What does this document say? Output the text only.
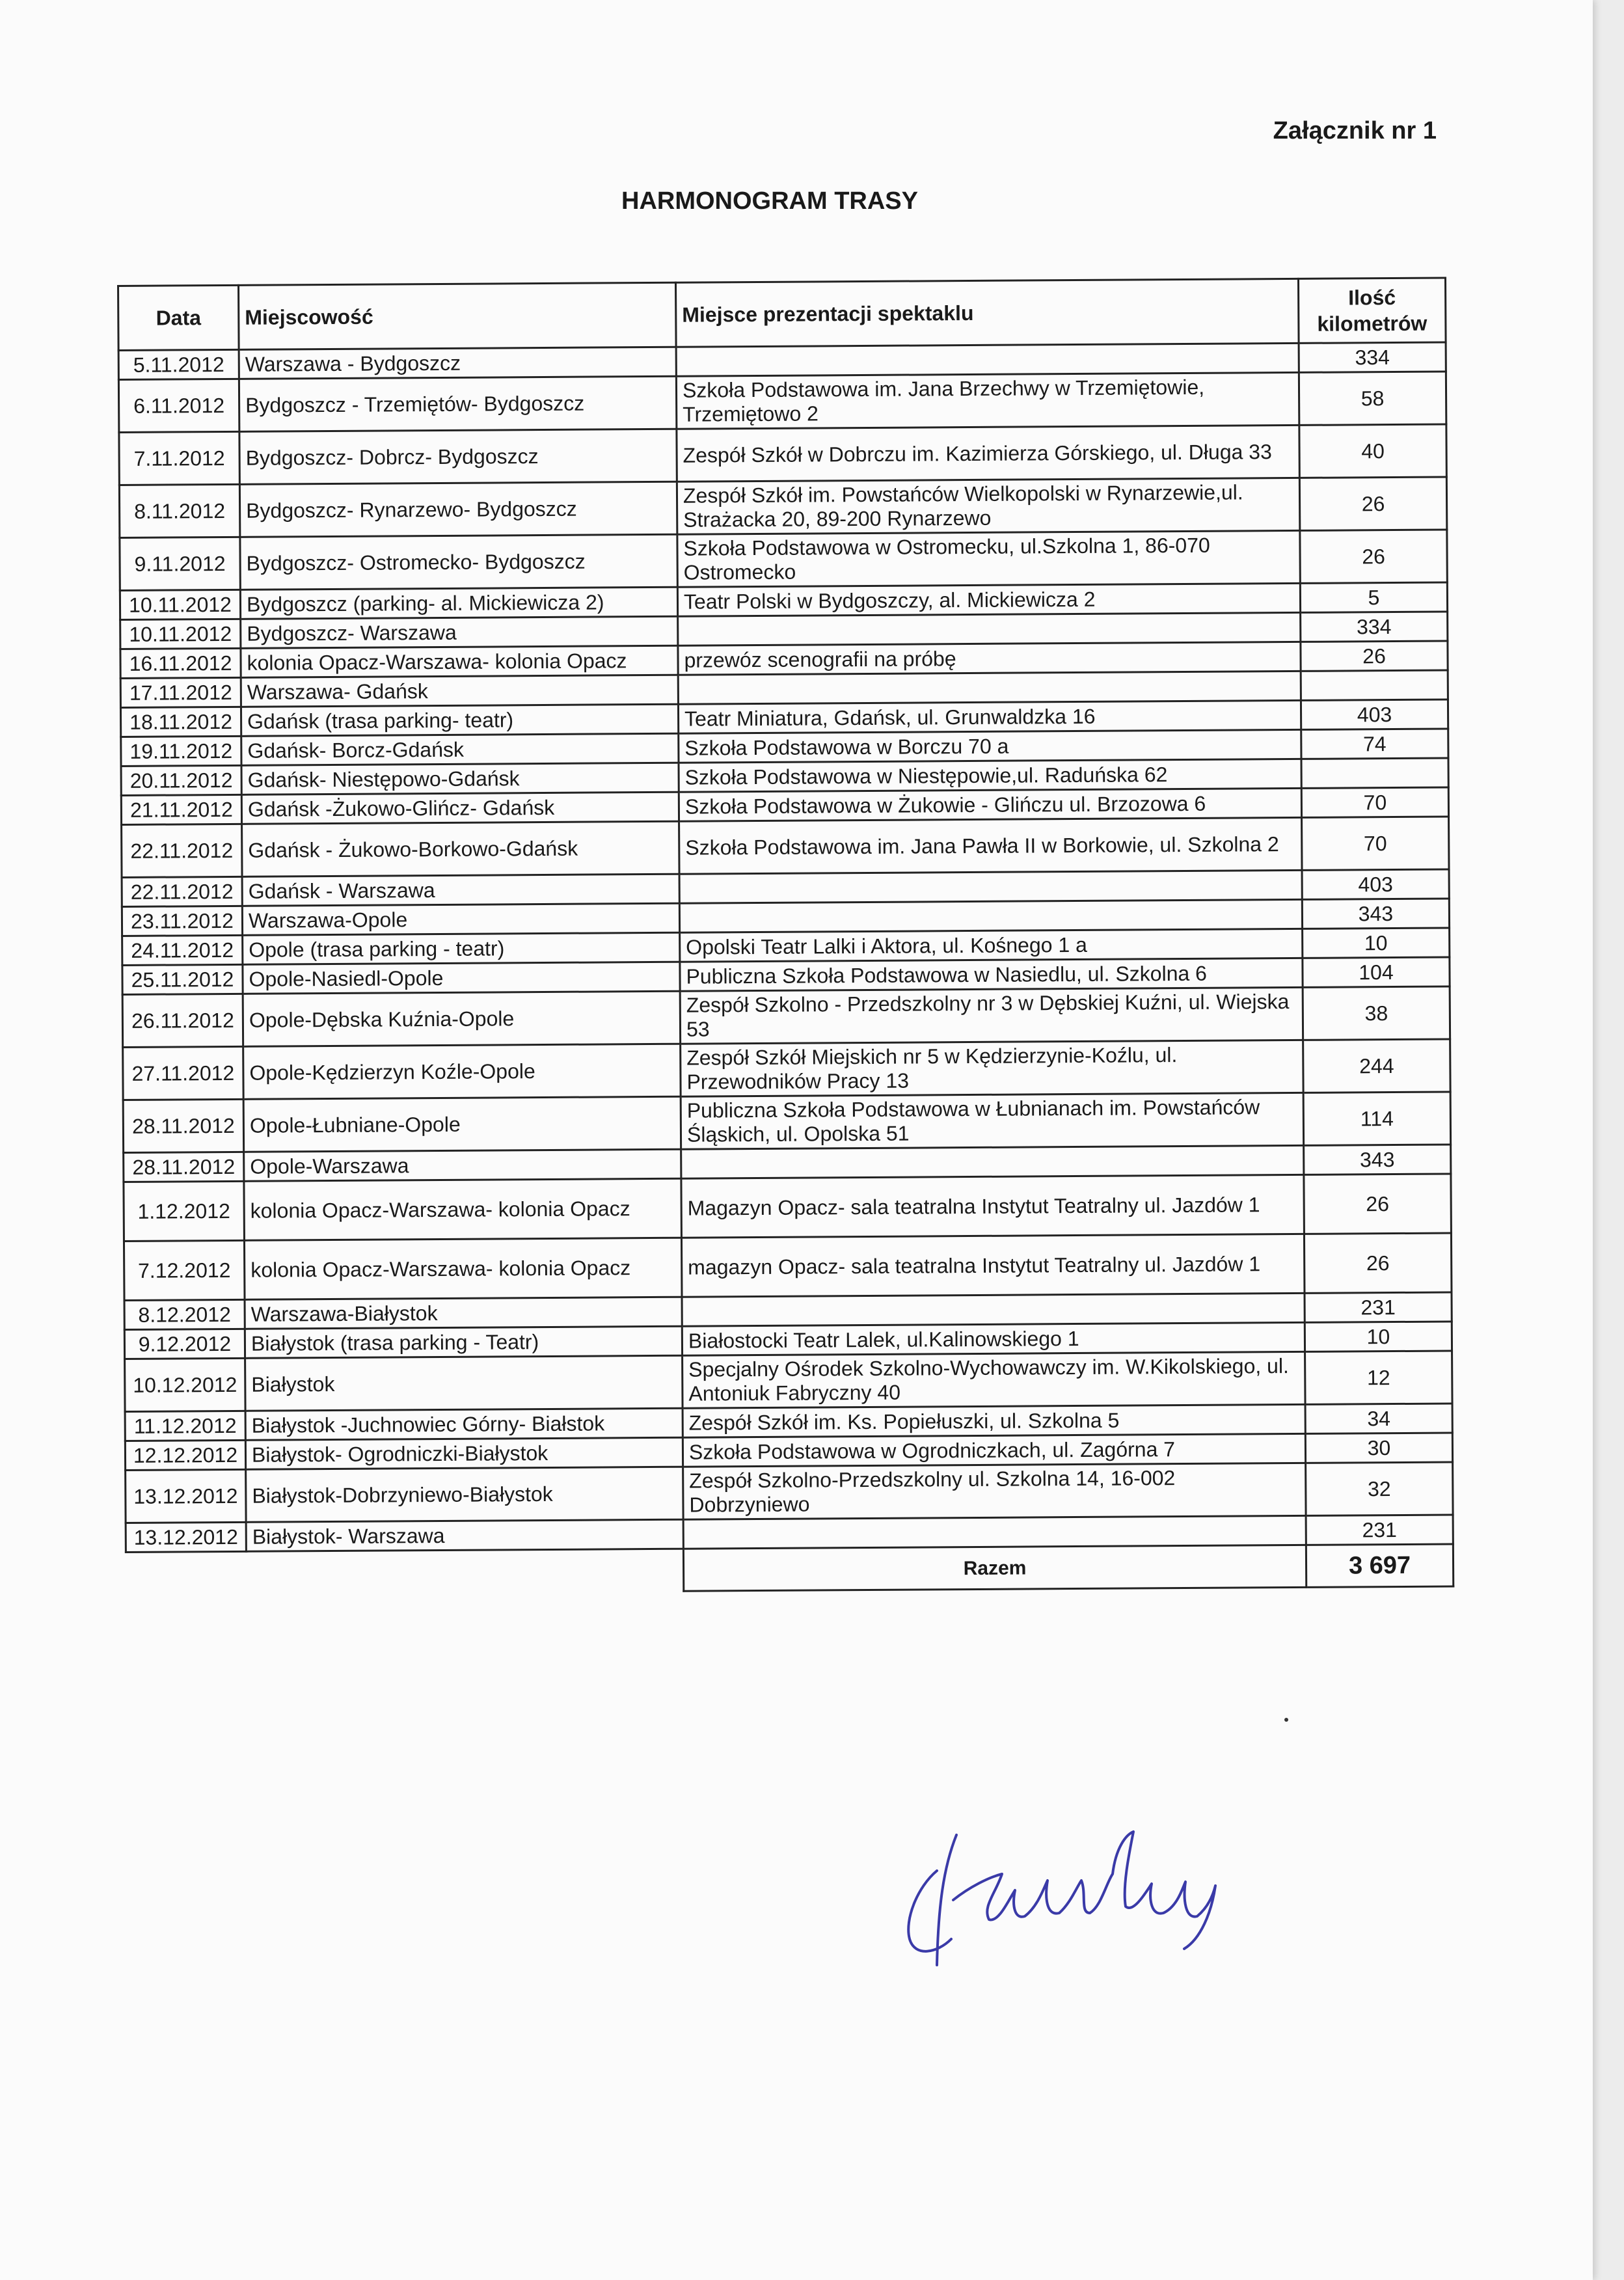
Załącznik nr 1
HARMONOGRAM TRASY
Data	Miejscowość	Miejsce prezentacji spektaklu	Ilość kilometrów
5.11.2012	Warszawa - Bydgoszcz		334
6.11.2012	Bydgoszcz - Trzemiętów- Bydgoszcz	Szkoła Podstawowa im. Jana Brzechwy w Trzemiętowie, Trzemiętowo 2	58
7.11.2012	Bydgoszcz- Dobrcz- Bydgoszcz	Zespół Szkół w Dobrczu im. Kazimierza Górskiego, ul. Długa 33	40
8.11.2012	Bydgoszcz- Rynarzewo- Bydgoszcz	Zespół Szkół im. Powstańców Wielkopolski w Rynarzewie,ul. Strażacka 20, 89-200 Rynarzewo	26
9.11.2012	Bydgoszcz- Ostromecko- Bydgoszcz	Szkoła Podstawowa w Ostromecku, ul.Szkolna 1, 86-070 Ostromecko	26
10.11.2012	Bydgoszcz (parking- al. Mickiewicza 2)	Teatr Polski w Bydgoszczy, al. Mickiewicza 2	5
10.11.2012	Bydgoszcz- Warszawa		334
16.11.2012	kolonia Opacz-Warszawa- kolonia Opacz	przewóz scenografii na próbę	26
17.11.2012	Warszawa- Gdańsk		
18.11.2012	Gdańsk (trasa parking- teatr)	Teatr Miniatura, Gdańsk, ul. Grunwaldzka 16	403
19.11.2012	Gdańsk- Borcz-Gdańsk	Szkoła Podstawowa w Borczu 70 a	74
20.11.2012	Gdańsk- Niestępowo-Gdańsk	Szkoła Podstawowa w Niestępowie,ul. Raduńska 62	
21.11.2012	Gdańsk -Żukowo-Glińcz- Gdańsk	Szkoła Podstawowa w Żukowie - Glińczu ul. Brzozowa 6	70
22.11.2012	Gdańsk - Żukowo-Borkowo-Gdańsk	Szkoła Podstawowa im. Jana Pawła II w Borkowie, ul. Szkolna 2	70
22.11.2012	Gdańsk - Warszawa		403
23.11.2012	Warszawa-Opole		343
24.11.2012	Opole (trasa parking - teatr)	Opolski Teatr Lalki i Aktora, ul. Kośnego 1 a	10
25.11.2012	Opole-Nasiedl-Opole	Publiczna Szkoła Podstawowa w Nasiedlu, ul. Szkolna 6	104
26.11.2012	Opole-Dębska Kuźnia-Opole	Zespół Szkolno - Przedszkolny nr 3 w Dębskiej Kuźni, ul. Wiejska 53	38
27.11.2012	Opole-Kędzierzyn Koźle-Opole	Zespół Szkół Miejskich nr 5 w Kędzierzynie-Koźlu, ul. Przewodników Pracy 13	244
28.11.2012	Opole-Łubniane-Opole	Publiczna Szkoła Podstawowa w Łubnianach im. Powstańców Śląskich, ul. Opolska 51	114
28.11.2012	Opole-Warszawa		343
1.12.2012	kolonia Opacz-Warszawa- kolonia Opacz	Magazyn Opacz- sala teatralna Instytut Teatralny ul. Jazdów 1	26
7.12.2012	kolonia Opacz-Warszawa- kolonia Opacz	magazyn Opacz- sala teatralna Instytut Teatralny ul. Jazdów 1	26
8.12.2012	Warszawa-Białystok		231
9.12.2012	Białystok (trasa parking - Teatr)	Białostocki Teatr Lalek, ul.Kalinowskiego 1	10
10.12.2012	Białystok	Specjalny Ośrodek Szkolno-Wychowawczy im. W.Kikolskiego, ul. Antoniuk Fabryczny 40	12
11.12.2012	Białystok -Juchnowiec Górny- Białstok	Zespół Szkół im. Ks. Popiełuszki, ul. Szkolna 5	34
12.12.2012	Białystok- Ogrodniczki-Białystok	Szkoła Podstawowa w Ogrodniczkach, ul. Zagórna 7	30
13.12.2012	Białystok-Dobrzyniewo-Białystok	Zespół Szkolno-Przedszkolny ul. Szkolna 14, 16-002 Dobrzyniewo	32
13.12.2012	Białystok- Warszawa		231
		Razem	3 697
